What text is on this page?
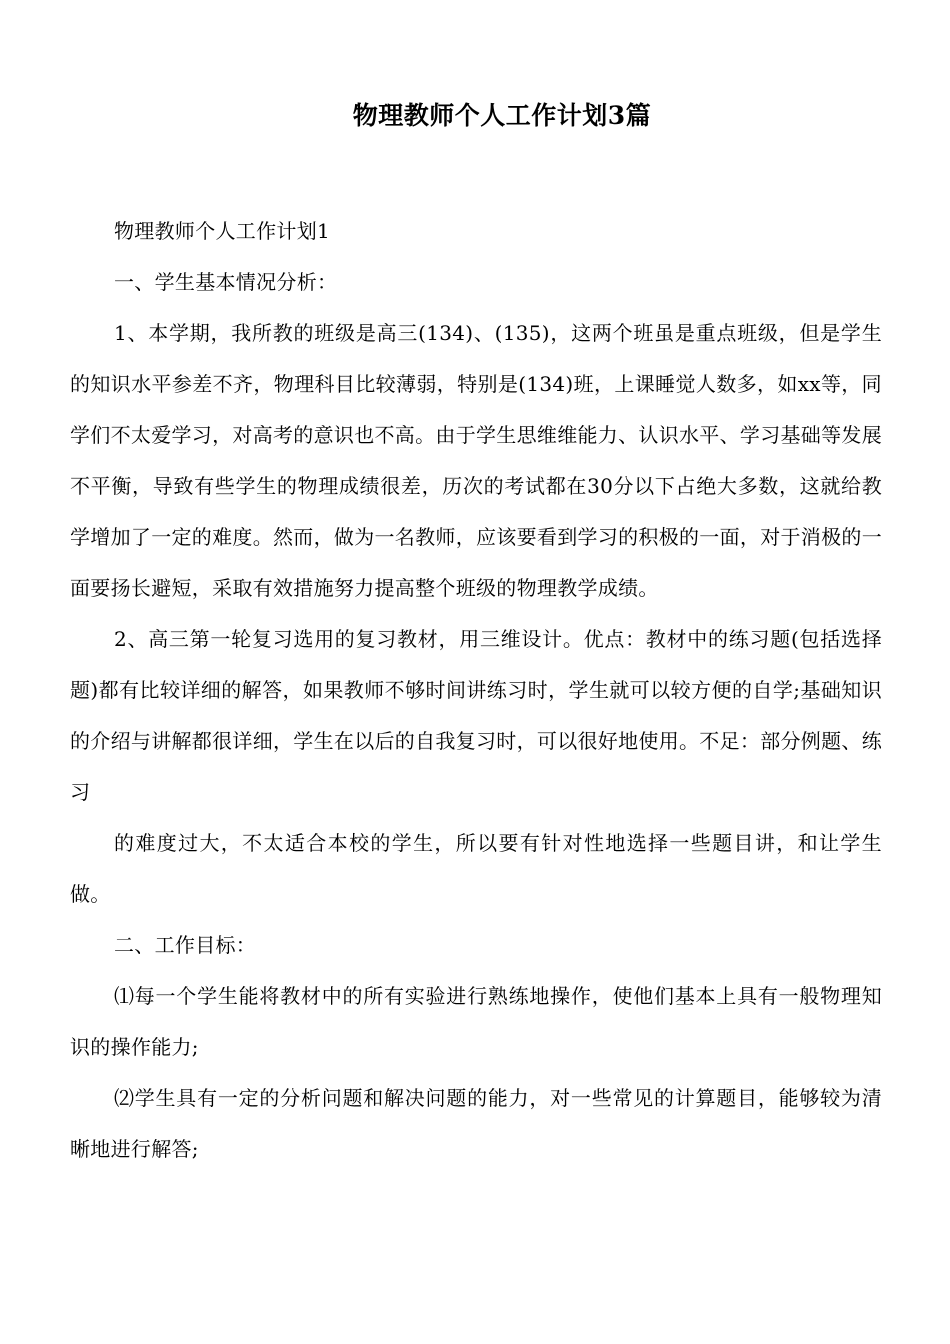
物理教师个人工作计划3篇

物理教师个人工作计划1

一、学生基本情况分析：

1、本学期，我所教的班级是高三(134)、(135)，这两个班虽是重点班级，但是学生的知识水平参差不齐，物理科目比较薄弱，特别是(134)班，上课睡觉人数多，如xx等，同学们不太爱学习，对高考的意识也不高。由于学生思维维能力、认识水平、学习基础等发展不平衡，导致有些学生的物理成绩很差，历次的考试都在30分以下占绝大多数，这就给教学增加了一定的难度。然而，做为一名教师，应该要看到学习的积极的一面，对于消极的一面要扬长避短，采取有效措施努力提高整个班级的物理教学成绩。

2、高三第一轮复习选用的复习教材，用三维设计。优点：教材中的练习题(包括选择题)都有比较详细的解答，如果教师不够时间讲练习时，学生就可以较方便的自学;基础知识的介绍与讲解都很详细，学生在以后的自我复习时，可以很好地使用。不足：部分例题、练习

的难度过大，不太适合本校的学生，所以要有针对性地选择一些题目讲，和让学生做。

二、工作目标：

⑴每一个学生能将教材中的所有实验进行熟练地操作，使他们基本上具有一般物理知识的操作能力;

⑵学生具有一定的分析问题和解决问题的能力，对一些常见的计算题目，能够较为清晰地进行解答;
